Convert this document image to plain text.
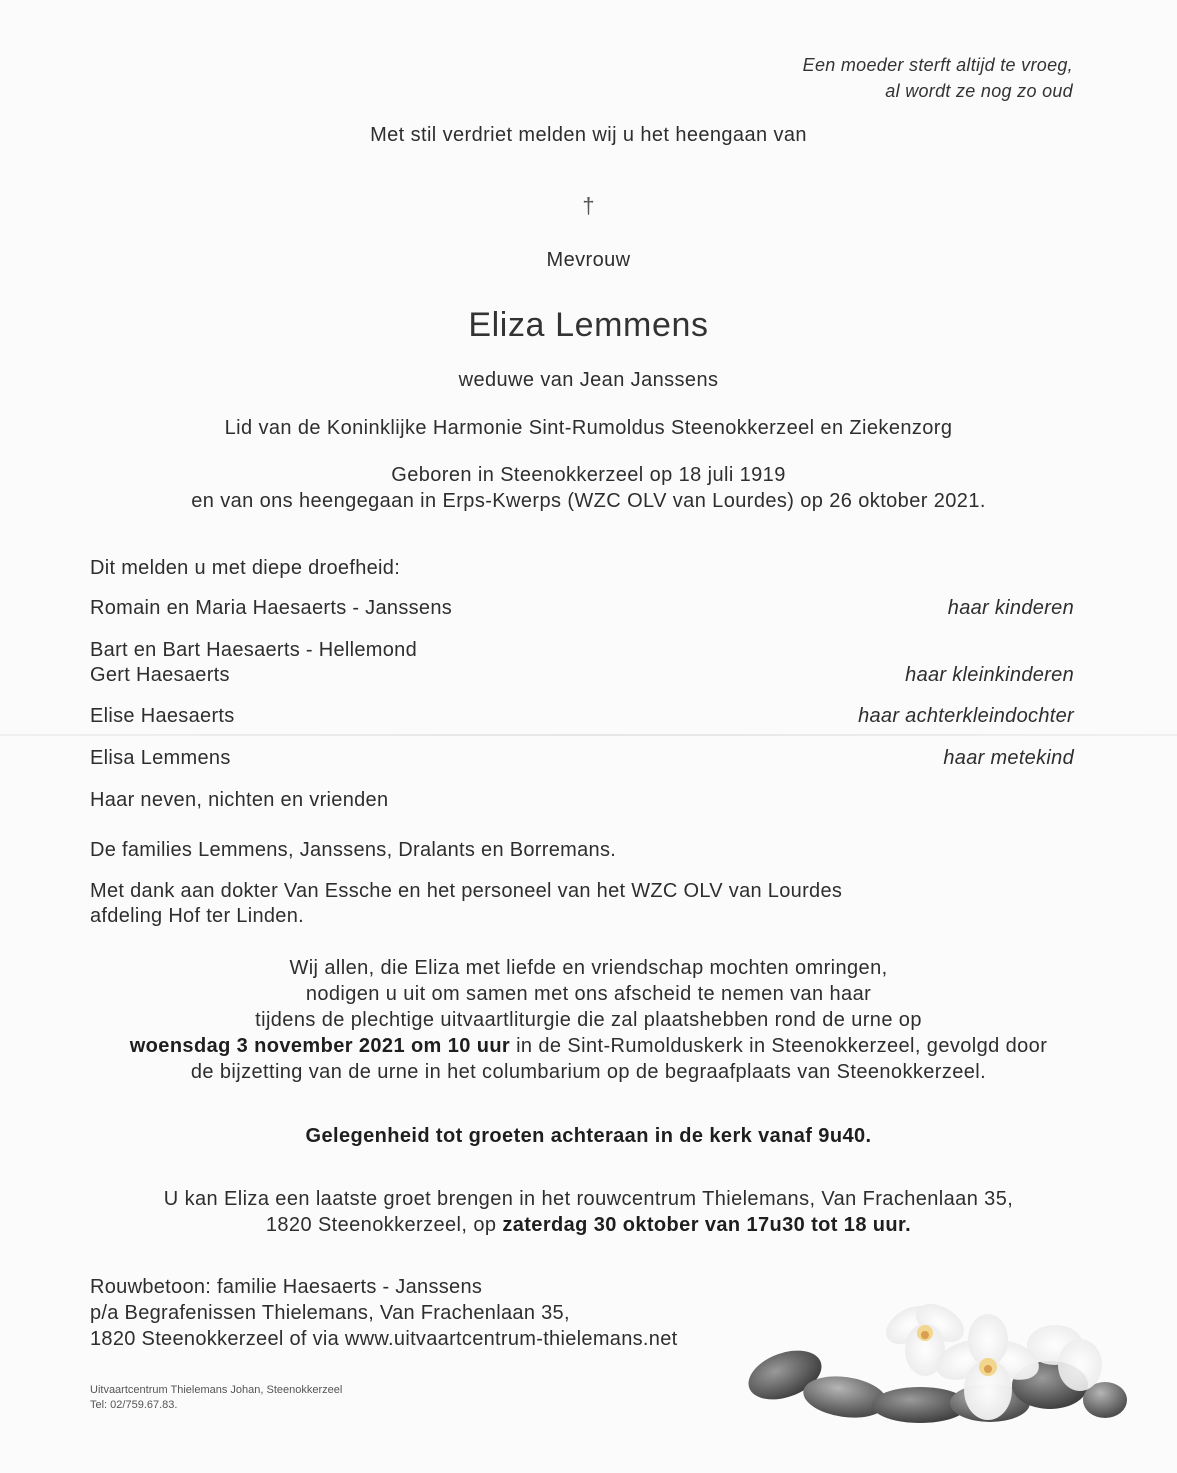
Een moeder sterft altijd te vroeg,
al wordt ze nog zo oud
Met stil verdriet melden wij u het heengaan van
†
Mevrouw
Eliza Lemmens
weduwe van Jean Janssens
Lid van de Koninklijke Harmonie Sint-Rumoldus Steenokkerzeel en Ziekenzorg
Geboren in Steenokkerzeel op 18 juli 1919
en van ons heengegaan in Erps-Kwerps (WZC OLV van Lourdes) op 26 oktober 2021.
Dit melden u met diepe droefheid:
Romain en Maria Haesaerts - Janssens	haar kinderen
Bart en Bart Haesaerts - Hellemond
Gert Haesaerts	haar kleinkinderen
Elise Haesaerts	haar achterkleindochter
Elisa Lemmens	haar metekind
Haar neven, nichten en vrienden
De families Lemmens, Janssens, Dralants en Borremans.
Met dank aan dokter Van Essche en het personeel van het WZC OLV van Lourdes
afdeling Hof ter Linden.
Wij allen, die Eliza met liefde en vriendschap mochten omringen,
nodigen u uit om samen met ons afscheid te nemen van haar
tijdens de plechtige uitvaartliturgie die zal plaatshebben rond de urne op
woensdag 3 november 2021 om 10 uur in de Sint-Rumolduskerk in Steenokkerzeel, gevolgd door
de bijzetting van de urne in het columbarium op de begraafplaats van Steenokkerzeel.
Gelegenheid tot groeten achteraan in de kerk vanaf 9u40.
U kan Eliza een laatste groet brengen in het rouwcentrum Thielemans, Van Frachenlaan 35,
1820 Steenokkerzeel, op zaterdag 30 oktober van 17u30 tot 18 uur.
Rouwbetoon: familie Haesaerts - Janssens
p/a Begrafenissen Thielemans, Van Frachenlaan 35,
1820 Steenokkerzeel of via www.uitvaartcentrum-thielemans.net
Uitvaartcentrum Thielemans Johan, Steenokkerzeel
Tel: 02/759.67.83.
